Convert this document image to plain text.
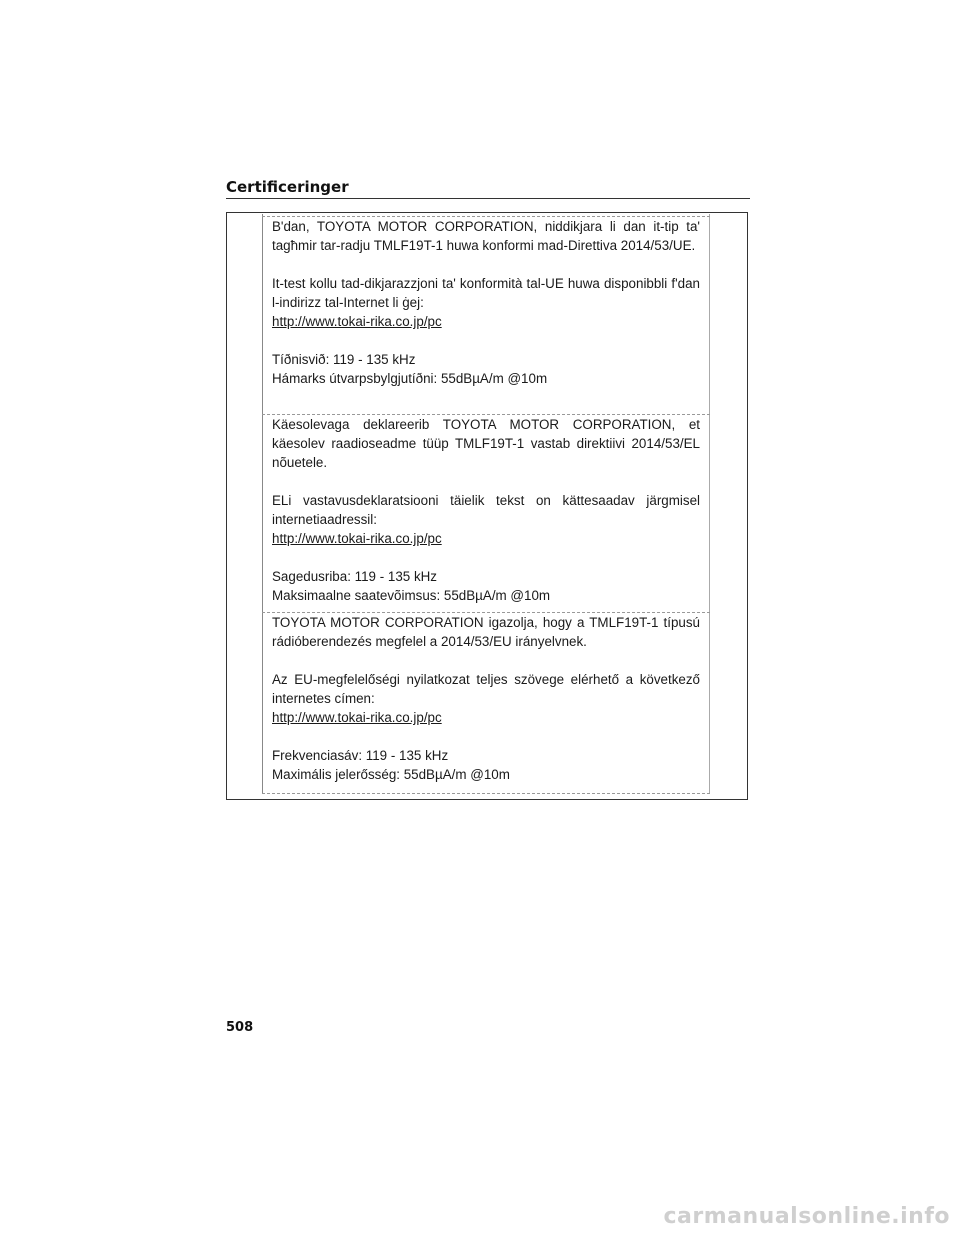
Certificeringer

B'dan, TOYOTA MOTOR CORPORATION, niddikjara li dan it-tip ta' tagħmir tar-radju TMLF19T-1 huwa konformi mad-Direttiva 2014/53/UE.

It-test kollu tad-dikjarazzjoni ta' konformità tal-UE huwa disponibbli f'dan l-indirizz tal-Internet li ġej:
http://www.tokai-rika.co.jp/pc

Tíðnisvið: 119 - 135 kHz
Hámarks útvarpsbylgjutíðni: 55dBµA/m @10m

Käesolevaga deklareerib TOYOTA MOTOR CORPORATION, et käesolev raadioseadme tüüp TMLF19T-1 vastab direktiivi 2014/53/EL nõuetele.

ELi vastavusdeklaratsiooni täielik tekst on kättesaadav järgmisel internetiaadressil:
http://www.tokai-rika.co.jp/pc

Sagedusriba: 119 - 135 kHz
Maksimaalne saatevõimsus: 55dBµA/m @10m

TOYOTA MOTOR CORPORATION igazolja, hogy a TMLF19T-1 típusú rádióberendezés megfelel a 2014/53/EU irányelvnek.

Az EU-megfelelőségi nyilatkozat teljes szövege elérhető a következő internetes címen:
http://www.tokai-rika.co.jp/pc

Frekvenciasáv: 119 - 135 kHz
Maximális jelerősség: 55dBµA/m @10m

508
carmanualsonline.info
